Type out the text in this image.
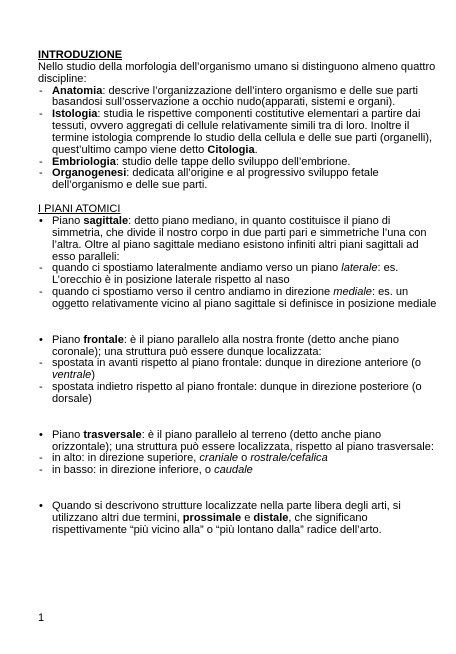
INTRODUZIONE

Nello studio della morfologia dell’organismo umano si distinguono almeno quattro discipline:

- Anatomia: descrive l’organizzazione dell’intero organismo e delle sue parti basandosi sull’osservazione a occhio nudo(apparati, sistemi e organi).
- Istologia: studia le rispettive componenti costitutive elementari a partire dai tessuti, ovvero aggregati di cellule relativamente simili tra di loro. Inoltre il termine istologia comprende lo studio della cellula e delle sue parti (organelli), quest’ultimo campo viene detto Citologia.
- Embriologia: studio delle tappe dello sviluppo dell’embrione.
- Organogenesi: dedicata all’origine e al progressivo sviluppo fetale dell’organismo e delle sue parti.

I PIANI ATOMICI

• Piano sagittale: detto piano mediano, in quanto costituisce il piano di simmetria, che divide il nostro corpo in due parti pari e simmetriche l’una con l’altra. Oltre al piano sagittale mediano esistono infiniti altri piani sagittali ad esso paralleli:
- quando ci spostiamo lateralmente andiamo verso un piano laterale: es. L’orecchio è in posizione laterale rispetto al naso
- quando ci spostiamo verso il centro andiamo in direzione mediale: es. un oggetto relativamente vicino al piano sagittale si definisce in posizione mediale
• Piano frontale: è il piano parallelo alla nostra fronte (detto anche piano coronale); una struttura può essere dunque localizzata:
- spostata in avanti rispetto al piano frontale: dunque in direzione anteriore (o ventrale)
- spostata indietro rispetto al piano frontale: dunque in direzione posteriore (o dorsale)
• Piano trasversale: è il piano parallelo al terreno (detto anche piano orizzontale); una struttura può essere localizzata, rispetto al piano trasversale:
- in alto: in direzione superiore, craniale o rostrale/cefalica
- in basso: in direzione inferiore, o caudale
• Quando si descrivono strutture localizzate nella parte libera degli arti, si utilizzano altri due termini, prossimale e distale, che significano rispettivamente “più vicino alla” o “più lontano dalla” radice dell’arto.
1
